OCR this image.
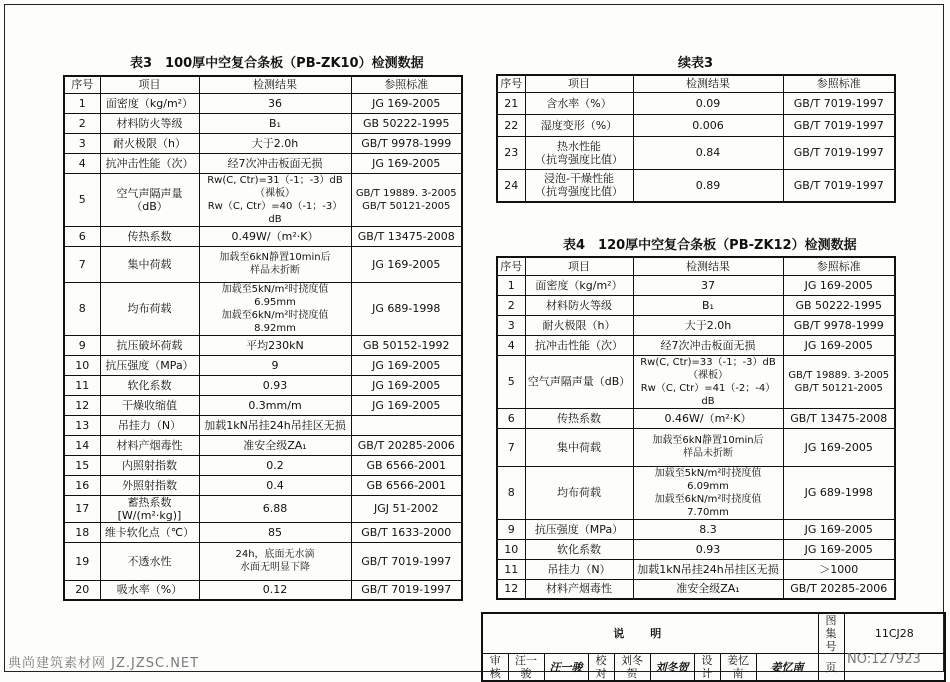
表3　100厚中空复合条板（PB-ZK10）检测数据
序号	项目	检测结果	参照标准
1	面密度（kg/m²）	36	JG 169-2005
2	材料防火等级	B₁	GB 50222-1995
3	耐火极限（h）	大于2.0h	GB/T 9978-1999
4	抗冲击性能（次）	经7次冲击板面无损	JG 169-2005
5	空气声隔声量（dB）	Rw(C, Ctr)=31（-1；-3）dB（裸板）
Rw（C, Ctr）=40（-1；-3）dB	GB/T 19889. 3-2005
GB/T 50121-2005
6	传热系数	0.49W/（m²·K）	GB/T 13475-2008
7	集中荷载	加载至6kN静置10min后
样品未折断	JG 169-2005
8	均布荷载	加载至5kN/m²时挠度值6.95mm
加载至6kN/m²时挠度值8.92mm	JG 689-1998
9	抗压破坏荷载	平均230kN	GB 50152-1992
10	抗压强度（MPa）	9	JG 169-2005
11	软化系数	0.93	JG 169-2005
12	干燥收缩值	0.3mm/m	JG 169-2005
13	吊挂力（N）	加载1kN吊挂24h吊挂区无损	
14	材料产烟毒性	准安全级ZA₁	GB/T 20285-2006
15	内照射指数	0.2	GB 6566-2001
16	外照射指数	0.4	GB 6566-2001
17	蓄热系数[W/(m²·kg)]	6.88	JGJ 51-2002
18	维卡软化点（℃）	85	GB/T 1633-2000
19	不透水性	24h，底面无水滴
水面无明显下降	GB/T 7019-1997
20	吸水率（%）	0.12	GB/T 7019-1997
续表3
序号	项目	检测结果	参照标准
21	含水率（%）	0.09	GB/T 7019-1997
22	湿度变形（%）	0.006	GB/T 7019-1997
23	热水性能
（抗弯强度比值）	0.84	GB/T 7019-1997
24	浸泡-干燥性能
（抗弯强度比值）	0.89	GB/T 7019-1997
表4　120厚中空复合条板（PB-ZK12）检测数据
序号	项目	检测结果	参照标准
1	面密度（kg/m²）	37	JG 169-2005
2	材料防火等级	B₁	GB 50222-1995
3	耐火极限（h）	大于2.0h	GB/T 9978-1999
4	抗冲击性能（次）	经7次冲击板面无损	JG 169-2005
5	空气声隔声量（dB）	Rw(C, Ctr)=33（-1；-3）dB（裸板）
Rw（C, Ctr）=41（-2；-4）dB	GB/T 19889. 3-2005
GB/T 50121-2005
6	传热系数	0.46W/（m²·K）	GB/T 13475-2008
7	集中荷载	加载至6kN静置10min后
样品未折断	JG 169-2005
8	均布荷载	加载至5kN/m²时挠度值6.09mm
加载至6kN/m²时挠度值7.70mm	JG 689-1998
9	抗压强度（MPa）	8.3	JG 169-2005
10	软化系数	0.93	JG 169-2005
11	吊挂力（N）	加载1kN吊挂24h吊挂区无损	＞1000
12	材料产烟毒性	准安全级ZA₁	GB/T 20285-2006
说明									图集号	11CJ28
审核	汪一骏	汪一骏	校对	刘冬贺	刘冬贺	设计	姜忆南	姜忆南	页	
典尚建筑素材网 JZ.JZSC.NET	NO:127923
